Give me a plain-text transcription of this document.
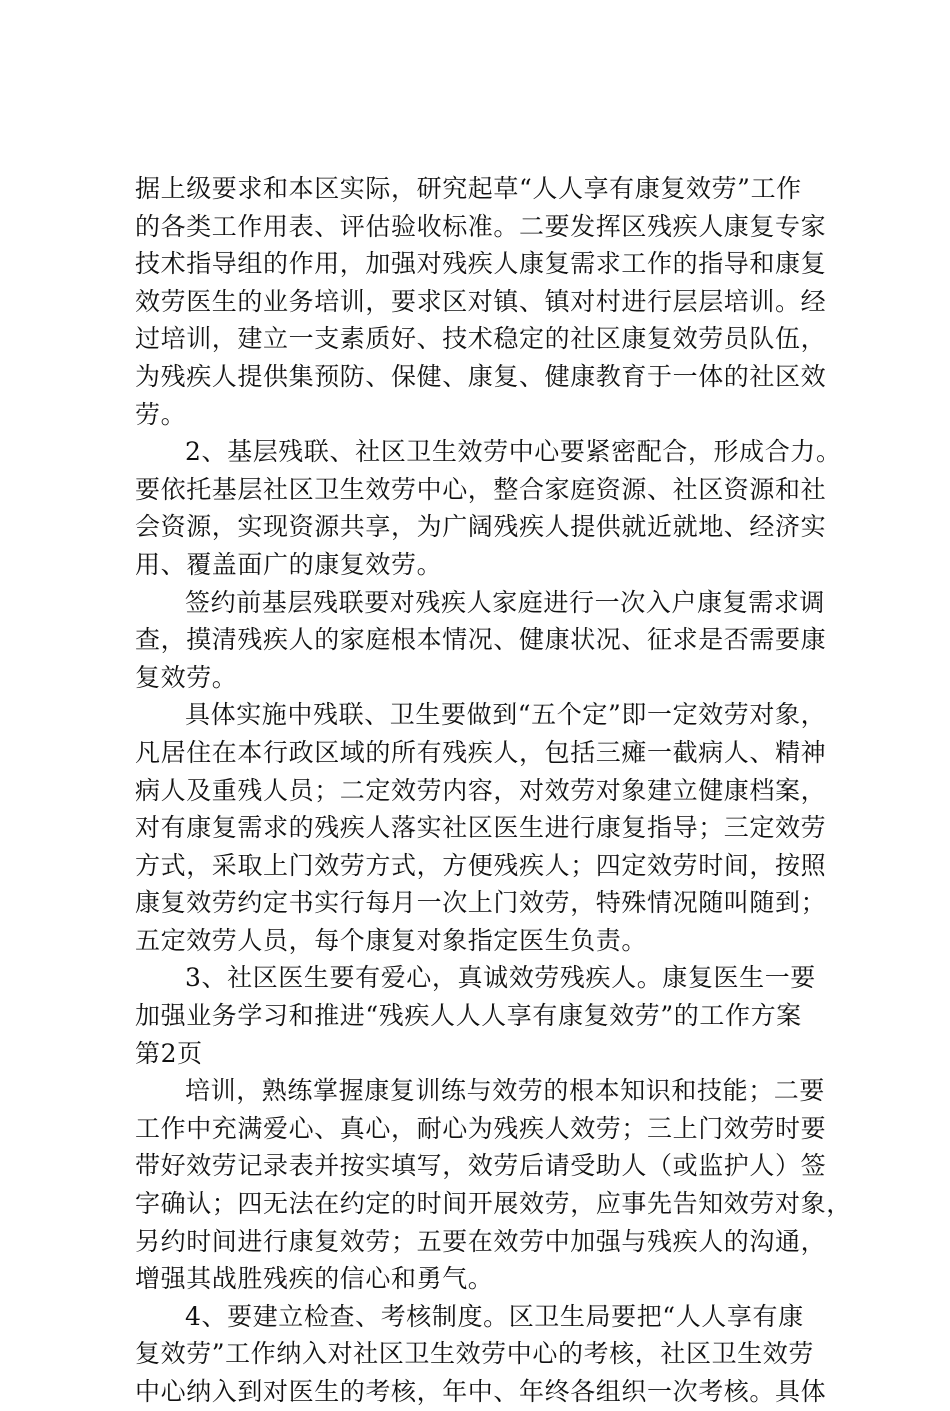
据上级要求和本区实际，研究起草“人人享有康复效劳”工作
的各类工作用表、评估验收标准。二要发挥区残疾人康复专家
技术指导组的作用，加强对残疾人康复需求工作的指导和康复
效劳医生的业务培训，要求区对镇、镇对村进行层层培训。经
过培训，建立一支素质好、技术稳定的社区康复效劳员队伍，
为残疾人提供集预防、保健、康复、健康教育于一体的社区效
劳。
2、基层残联、社区卫生效劳中心要紧密配合，形成合力。
要依托基层社区卫生效劳中心，整合家庭资源、社区资源和社
会资源，实现资源共享，为广阔残疾人提供就近就地、经济实
用、覆盖面广的康复效劳。
签约前基层残联要对残疾人家庭进行一次入户康复需求调
查，摸清残疾人的家庭根本情况、健康状况、征求是否需要康
复效劳。
具体实施中残联、卫生要做到“五个定”即一定效劳对象，
凡居住在本行政区域的所有残疾人，包括三瘫一截病人、精神
病人及重残人员；二定效劳内容，对效劳对象建立健康档案，
对有康复需求的残疾人落实社区医生进行康复指导；三定效劳
方式，采取上门效劳方式，方便残疾人；四定效劳时间，按照
康复效劳约定书实行每月一次上门效劳，特殊情况随叫随到；
五定效劳人员，每个康复对象指定医生负责。
3、社区医生要有爱心，真诚效劳残疾人。康复医生一要
加强业务学习和推进“残疾人人人享有康复效劳”的工作方案
第2页
培训，熟练掌握康复训练与效劳的根本知识和技能；二要
工作中充满爱心、真心，耐心为残疾人效劳；三上门效劳时要
带好效劳记录表并按实填写，效劳后请受助人（或监护人）签
字确认；四无法在约定的时间开展效劳，应事先告知效劳对象，
另约时间进行康复效劳；五要在效劳中加强与残疾人的沟通，
增强其战胜残疾的信心和勇气。
4、要建立检查、考核制度。区卫生局要把“人人享有康
复效劳”工作纳入对社区卫生效劳中心的考核，社区卫生效劳
中心纳入到对医生的考核，年中、年终各组织一次考核。具体
